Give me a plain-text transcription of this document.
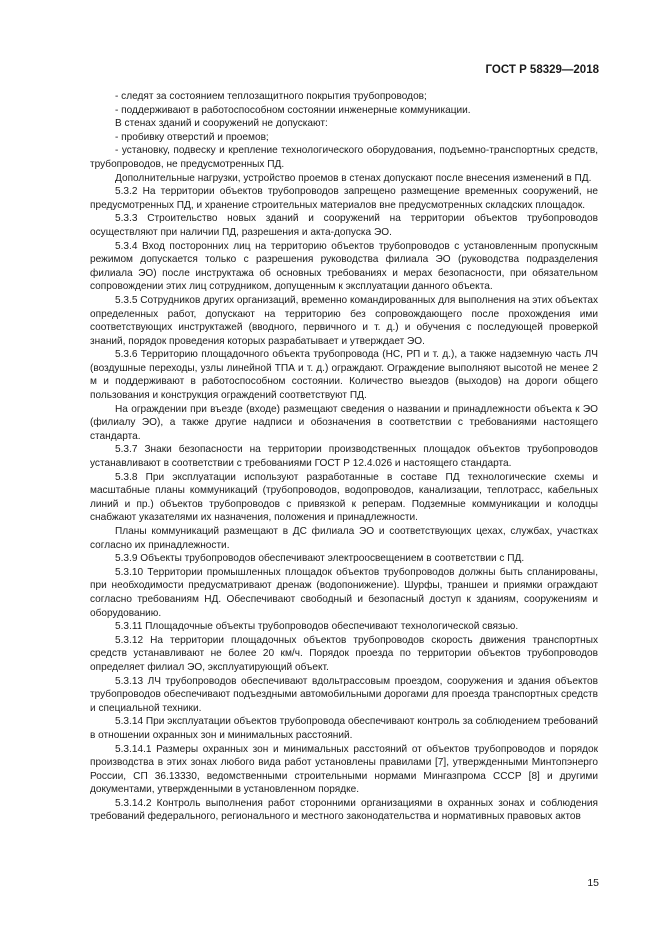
ГОСТ Р 58329—2018

- следят за состоянием теплозащитного покрытия трубопроводов;

- поддерживают в работоспособном состоянии инженерные коммуникации.

В стенах зданий и сооружений не допускают:

- пробивку отверстий и проемов;

- установку, подвеску и крепление технологического оборудования, подъемно-транспортных средств, трубопроводов, не предусмотренных ПД.

Дополнительные нагрузки, устройство проемов в стенах допускают после внесения изменений в ПД.

5.3.2 На территории объектов трубопроводов запрещено размещение временных сооружений, не предусмотренных ПД, и хранение строительных материалов вне предусмотренных складских площадок.

5.3.3 Строительство новых зданий и сооружений на территории объектов трубопроводов осуществляют при наличии ПД, разрешения и акта-допуска ЭО.

5.3.4 Вход посторонних лиц на территорию объектов трубопроводов с установленным пропускным режимом допускается только с разрешения руководства филиала ЭО (руководства подразделения филиала ЭО) после инструктажа об основных требованиях и мерах безопасности, при обязательном сопровождении этих лиц сотрудником, допущенным к эксплуатации данного объекта.

5.3.5 Сотрудников других организаций, временно командированных для выполнения на этих объектах определенных работ, допускают на территорию без сопровождающего после прохождения ими соответствующих инструктажей (вводного, первичного и т. д.) и обучения с последующей проверкой знаний, порядок проведения которых разрабатывает и утверждает ЭО.

5.3.6 Территорию площадочного объекта трубопровода (НС, РП и т. д.), а также надземную часть ЛЧ (воздушные переходы, узлы линейной ТПА и т. д.) ограждают. Ограждение выполняют высотой не менее 2 м и поддерживают в работоспособном состоянии. Количество выездов (выходов) на дороги общего пользования и конструкция ограждений соответствуют ПД.

На ограждении при въезде (входе) размещают сведения о названии и принадлежности объекта к ЭО (филиалу ЭО), а также другие надписи и обозначения в соответствии с требованиями настоящего стандарта.

5.3.7 Знаки безопасности на территории производственных площадок объектов трубопроводов устанавливают в соответствии с требованиями ГОСТ Р 12.4.026 и настоящего стандарта.

5.3.8 При эксплуатации используют разработанные в составе ПД технологические схемы и масштабные планы коммуникаций (трубопроводов, водопроводов, канализации, теплотрасс, кабельных линий и пр.) объектов трубопроводов с привязкой к реперам. Подземные коммуникации и колодцы снабжают указателями их назначения, положения и принадлежности.

Планы коммуникаций размещают в ДС филиала ЭО и соответствующих цехах, службах, участках согласно их принадлежности.

5.3.9 Объекты трубопроводов обеспечивают электроосвещением в соответствии с ПД.

5.3.10 Территории промышленных площадок объектов трубопроводов должны быть спланированы, при необходимости предусматривают дренаж (водопонижение). Шурфы, траншеи и приямки ограждают согласно требованиям НД. Обеспечивают свободный и безопасный доступ к зданиям, сооружениям и оборудованию.

5.3.11 Площадочные объекты трубопроводов обеспечивают технологической связью.

5.3.12 На территории площадочных объектов трубопроводов скорость движения транспортных средств устанавливают не более 20 км/ч. Порядок проезда по территории объектов трубопроводов определяет филиал ЭО, эксплуатирующий объект.

5.3.13 ЛЧ трубопроводов обеспечивают вдольтрассовым проездом, сооружения и здания объектов трубопроводов обеспечивают подъездными автомобильными дорогами для проезда транспортных средств и специальной техники.

5.3.14 При эксплуатации объектов трубопровода обеспечивают контроль за соблюдением требований в отношении охранных зон и минимальных расстояний.

5.3.14.1 Размеры охранных зон и минимальных расстояний от объектов трубопроводов и порядок производства в этих зонах любого вида работ установлены правилами [7], утвержденными Минтопэнерго России, СП 36.13330, ведомственными строительными нормами Мингазпрома СССР [8] и другими документами, утвержденными в установленном порядке.

5.3.14.2 Контроль выполнения работ сторонними организациями в охранных зонах и соблюдения требований федерального, регионального и местного законодательства и нормативных правовых актов

15
